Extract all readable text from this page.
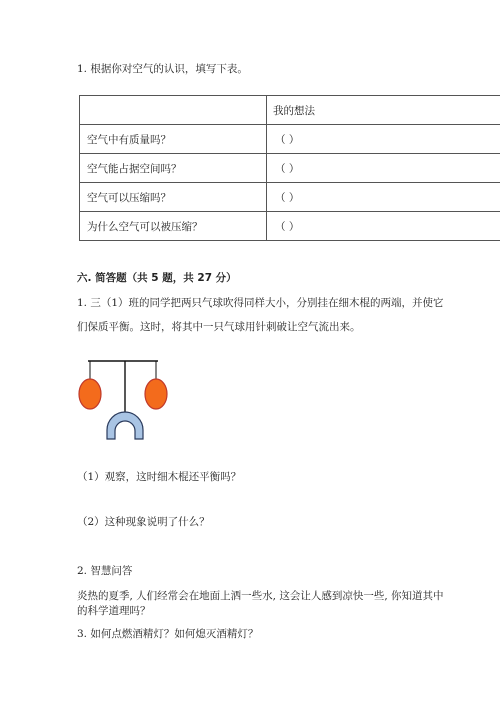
1. 根据你对空气的认识，填写下表。
	我的想法
空气中有质量吗？	（ ）
空气能占据空间吗？	（ ）
空气可以压缩吗？	（ ）
为什么空气可以被压缩？	（ ）
六. 简答题（共 5 题，共 27 分）
1. 三（1）班的同学把两只气球吹得同样大小，分别挂在细木棍的两端，并使它
们保质平衡。这时，将其中一只气球用针刺破让空气流出来。
（1）观察，这时细木棍还平衡吗？
（2）这种现象说明了什么？
2. 智慧问答
炎热的夏季, 人们经常会在地面上洒一些水, 这会让人感到凉快一些, 你知道其中
的科学道理吗？
3. 如何点燃酒精灯？如何熄灭酒精灯？
